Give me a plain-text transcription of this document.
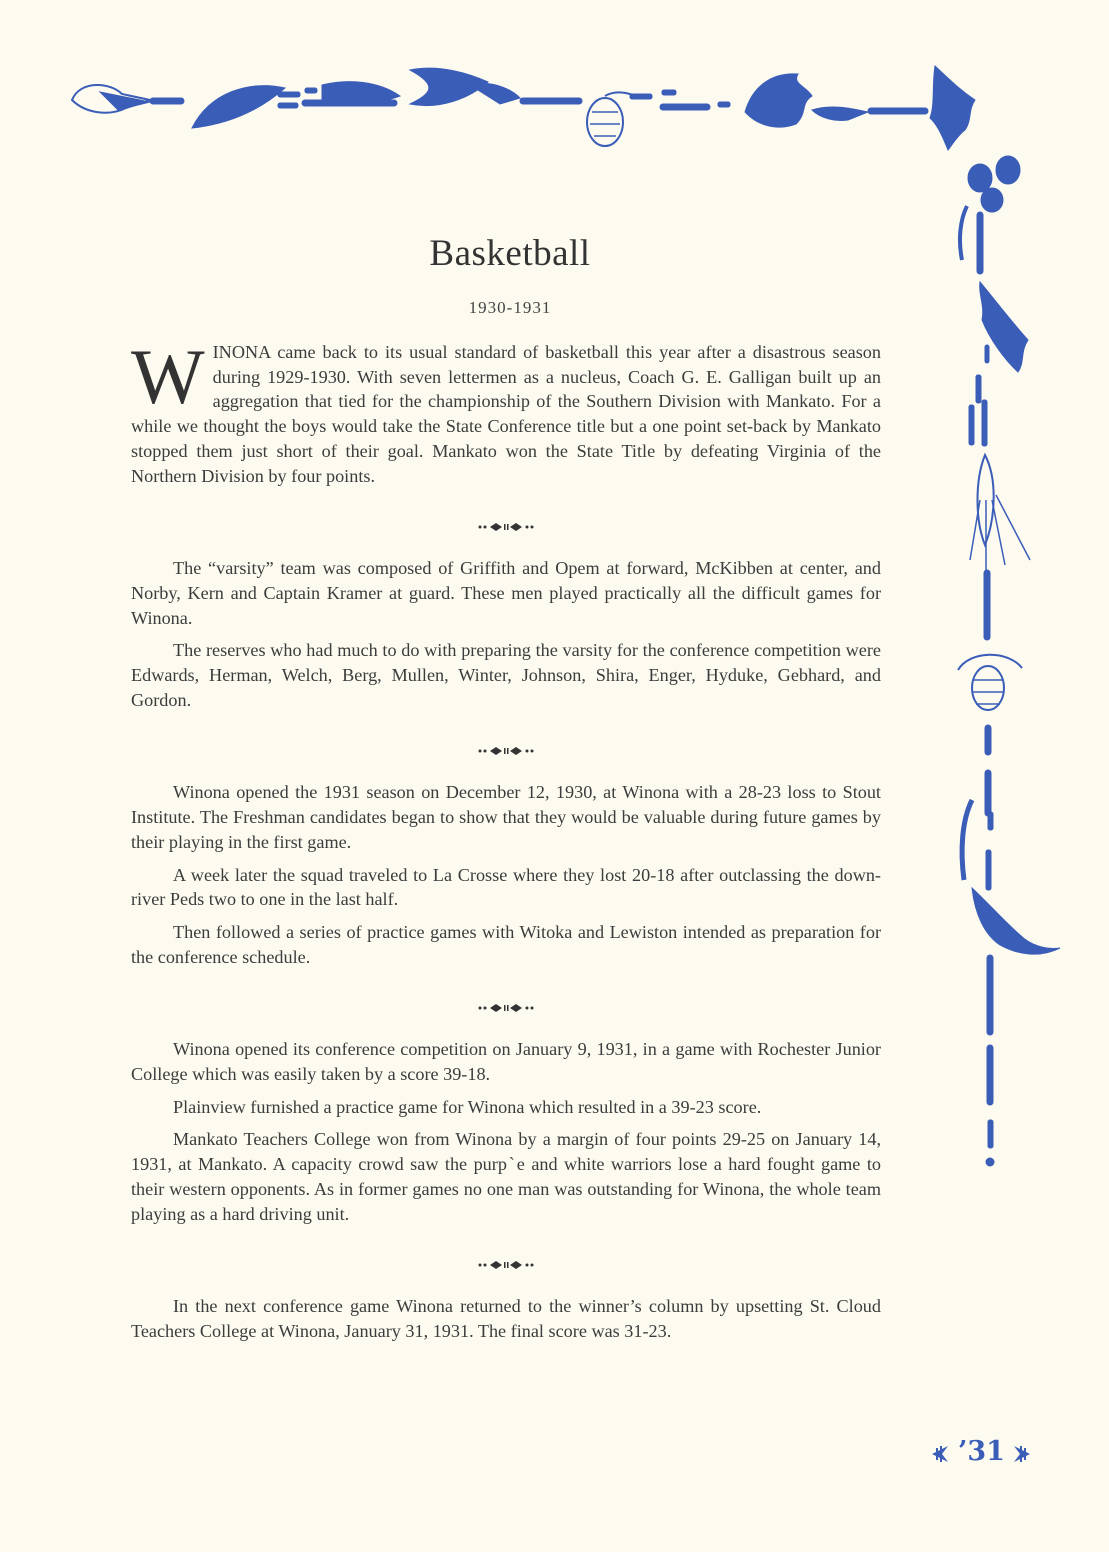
Basketball
1930-1931

WINONA came back to its usual standard of basketball this year after a disastrous season during 1929-1930. With seven lettermen as a nucleus, Coach G. E. Galligan built up an aggregation that tied for the championship of the Southern Division with Mankato. For a while we thought the boys would take the State Conference title but a one point set-back by Mankato stopped them just short of their goal. Mankato won the State Title by defeating Virginia of the Northern Division by four points.

The “varsity” team was composed of Griffith and Opem at forward, McKibben at center, and Norby, Kern and Captain Kramer at guard. These men played practically all the difficult games for Winona.

The reserves who had much to do with preparing the varsity for the conference competition were Edwards, Herman, Welch, Berg, Mullen, Winter, Johnson, Shira, Enger, Hyduke, Gebhard, and Gordon.

Winona opened the 1931 season on December 12, 1930, at Winona with a 28-23 loss to Stout Institute. The Freshman candidates began to show that they would be valuable during future games by their playing in the first game.

A week later the squad traveled to La Crosse where they lost 20-18 after outclassing the down-river Peds two to one in the last half.

Then followed a series of practice games with Witoka and Lewiston intended as preparation for the conference schedule.

Winona opened its conference competition on January 9, 1931, in a game with Rochester Junior College which was easily taken by a score 39-18.

Plainview furnished a practice game for Winona which resulted in a 39-23 score.

Mankato Teachers College won from Winona by a margin of four points 29-25 on January 14, 1931, at Mankato. A capacity crowd saw the purpˋe and white warriors lose a hard fought game to their western opponents. As in former games no one man was outstanding for Winona, the whole team playing as a hard driving unit.

In the next conference game Winona returned to the winner’s column by upsetting St. Cloud Teachers College at Winona, January 31, 1931. The final score was 31-23.

’31
